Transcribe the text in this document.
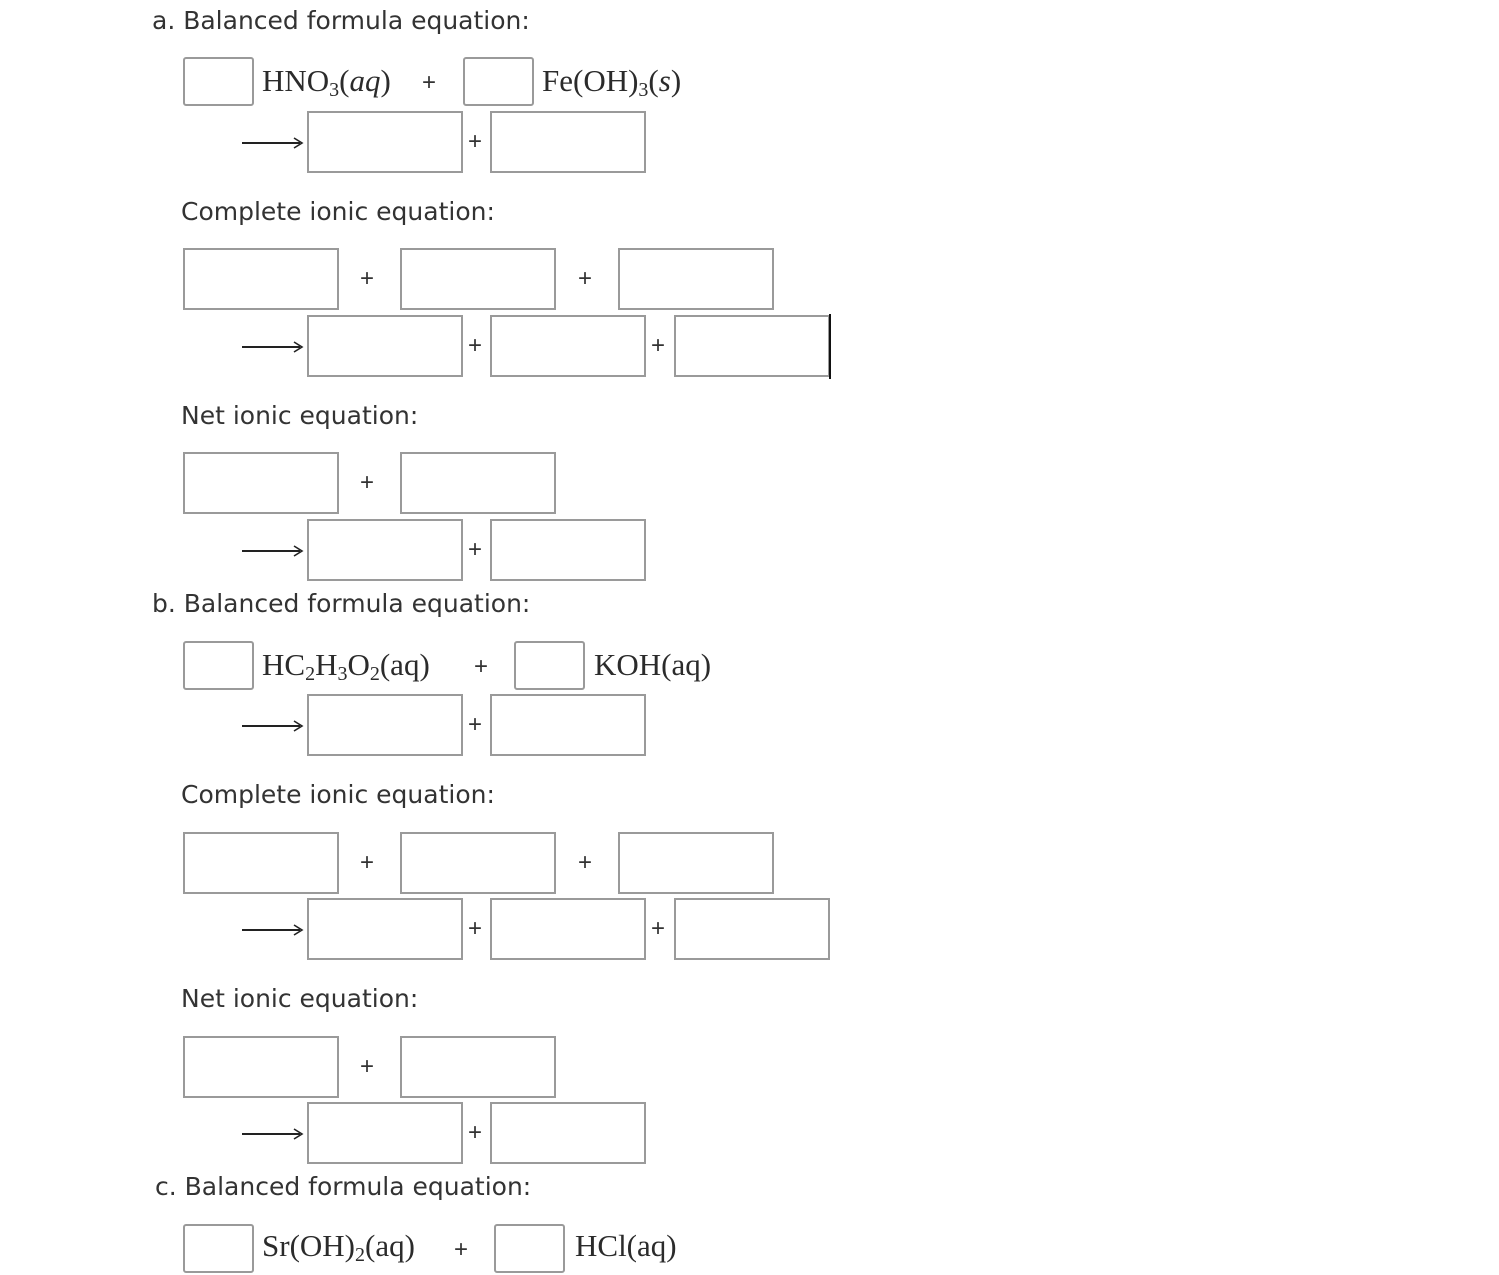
a. Balanced formula equation:
$HNO_3(aq)$ +	$Fe(OH)_3(s)$
+
Complete ionic equation:
+	+
+	+
Net ionic equation:
+
+
b. Balanced formula equation:
$HC_2H_3O_2(aq)$ +	KOH(aq)
+
Complete ionic equation:
+	+
+	+
Net ionic equation:
+
+
c. Balanced formula equation:
$Sr(OH)_2(aq)$ +	HCl(aq)
